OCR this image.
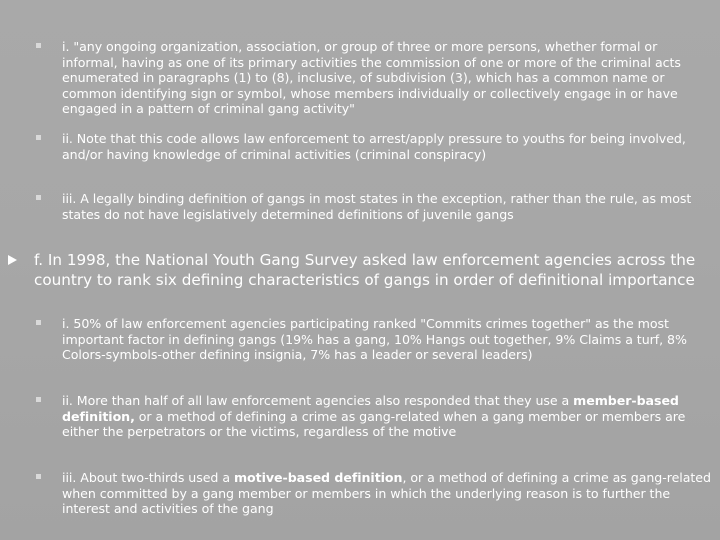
i. "any ongoing organization, association, or group of three or more persons, whether formal or informal, having as one of its primary activities the commission of one or more of the criminal acts enumerated in paragraphs (1) to (8), inclusive, of subdivision (3), which has a common name or common identifying sign or symbol, whose members individually or collectively engage in or have engaged in a pattern of criminal gang activity"
ii. Note that this code allows law enforcement to arrest/apply pressure to youths for being involved, and/or having knowledge of criminal activities (criminal conspiracy)
iii. A legally binding definition of gangs in most states in the exception, rather than the rule, as most states do not have legislatively determined definitions of juvenile gangs
f. In 1998, the National Youth Gang Survey asked law enforcement agencies across the country to rank six defining characteristics of gangs in order of definitional importance
i. 50% of law enforcement agencies participating ranked "Commits crimes together" as the most important factor in defining gangs (19% has a gang, 10% Hangs out together, 9% Claims a turf, 8% Colors-symbols-other defining insignia, 7% has a leader or several leaders)
ii. More than half of all law enforcement agencies also responded that they use a member-based definition, or a method of defining a crime as gang-related when a gang member or members are either the perpetrators or the victims, regardless of the motive
iii. About two-thirds used a motive-based definition, or a method of defining a crime as gang-related when committed by a gang member or members in which the underlying reason is to further the interest and activities of the gang
